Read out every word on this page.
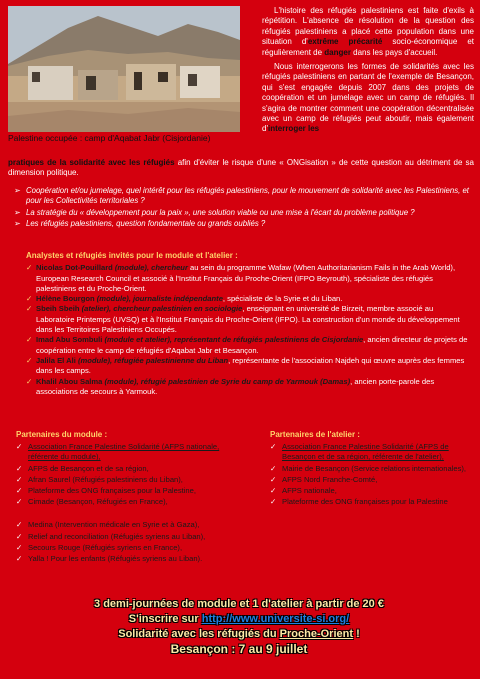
Palestine occupée : camp d'Aqabat Jabr (Cisjordanie)

L'histoire des réfugiés palestiniens est faite d'exils à répétition. L'absence de résolution de la question des réfugiés palestiniens a placé cette population dans une situation d'extrême précarité socio-économique et régulièrement de danger dans les pays d'accueil.

Nous interrogerons les formes de solidarités avec les réfugiés palestiniens en partant de l'exemple de Besançon, qui s'est engagée depuis 2007 dans des projets de coopération et un jumelage avec un camp de réfugiés. Il s'agira de montrer comment une coopération décentralisée avec un camp de réfugiés peut aboutir, mais également d'interroger les

pratiques de la solidarité avec les réfugiés afin d'éviter le risque d'une « ONGisation » de cette question au détriment de sa dimension politique.
➢ Coopération et/ou jumelage, quel intérêt pour les réfugiés palestiniens, pour le mouvement de solidarité avec les Palestiniens, et pour les Collectivités territoriales ?
➢ La stratégie du « développement pour la paix », une solution viable ou une mise à l'écart du problème politique ?
➢ Les réfugiés palestiniens, question fondamentale ou grands oubliés ?
Analystes et réfugiés invités pour le module et l'atelier :
✓ Nicolas Dot-Pouillard (module), chercheur au sein du programme Wafaw (When Authoritarianism Fails in the Arab World), European Research Council et associé à l'Institut Français du Proche-Orient (IFPO Beyrouth), spécialiste des réfugiés palestiniens et du Proche-Orient.
✓ Hélène Bourgon (module), journaliste indépendante, spécialiste de la Syrie et du Liban.
✓ Sbeih Sbeih (atelier), chercheur palestinien en sociologie, enseignant en université de Birzeit, membre associé au Laboratoire Printemps (UVSQ) et à l'Institut Français du Proche-Orient (IFPO). La construction d'un monde du développement dans les Territoires Palestiniens Occupés.
✓ Imad Abu Sombuli (module et atelier), représentant de réfugiés palestiniens de Cisjordanie, ancien directeur de projets de coopération entre le camp de réfugiés d'Aqabat Jabr et Besançon.
✓ Jalila El Ali (module), réfugiée palestinienne du Liban, représentante de l'association Najdeh qui œuvre auprès des femmes dans les camps.
✓ Khalil Abou Salma (module), réfugié palestinien de Syrie du camp de Yarmouk (Damas), ancien porte-parole des associations de secours à Yarmouk.
Partenaires du module :
✓ Association France Palestine Solidarité (AFPS nationale, référente du module),
✓ AFPS de Besançon et de sa région,
✓ Afran Saurel (Réfugiés palestiniens du Liban),
✓ Plateforme des ONG françaises pour la Palestine,
✓ Cimade (Besançon, Réfugiés en France),
✓ Medina (Intervention médicale en Syrie et à Gaza),
✓ Relief and reconciliation (Réfugiés syriens au Liban),
✓ Secours Rouge (Réfugiés syriens en France),
✓ Yalla ! Pour les enfants (Réfugiés syriens au Liban).
Partenaires de l'atelier :
✓ Association France Palestine Solidarité (AFPS de Besançon et de sa région, référente de l'atelier),
✓ Mairie de Besançon (Service relations internationales),
✓ AFPS Nord Franche-Comté,
✓ AFPS nationale,
✓ Plateforme des ONG françaises pour la Palestine
3 demi-journées de module et 1 d'atelier à partir de 20 €
S'inscrire sur http://www.universite-si.org/
Solidarité avec les réfugiés du Proche-Orient !
Besançon : 7 au 9 juillet
